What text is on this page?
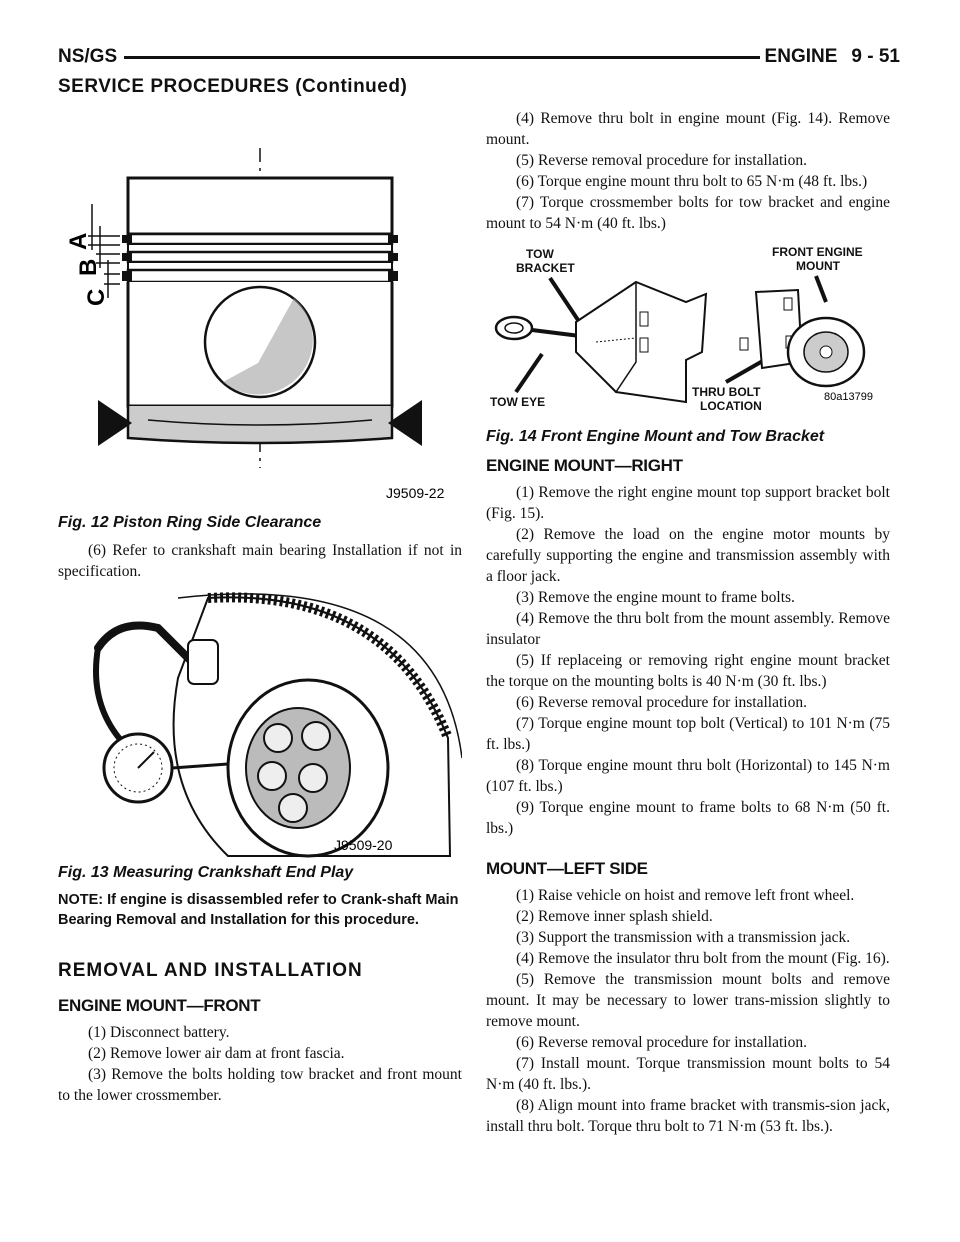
NS/GS	ENGINE 9 - 51
SERVICE PROCEDURES (Continued)
A
B
C
J9509-22
Fig. 12 Piston Ring Side Clearance

(6) Refer to crankshaft main bearing Installation if not in specification.

J9509-20
Fig. 13 Measuring Crankshaft End Play

NOTE: If engine is disassembled refer to Crank-shaft Main Bearing Removal and Installation for this procedure.

REMOVAL AND INSTALLATION
ENGINE MOUNT—FRONT

(1) Disconnect battery.

(2) Remove lower air dam at front fascia.

(3) Remove the bolts holding tow bracket and front mount to the lower crossmember.

(4) Remove thru bolt in engine mount (Fig. 14). Remove mount.

(5) Reverse removal procedure for installation.

(6) Torque engine mount thru bolt to 65 N·m (48 ft. lbs.)

(7) Torque crossmember bolts for tow bracket and engine mount to 54 N·m (40 ft. lbs.)

TOW
BRACKET
FRONT ENGINE
MOUNT
TOW EYE
THRU BOLT
LOCATION
80a13799
Fig. 14 Front Engine Mount and Tow Bracket
ENGINE MOUNT—RIGHT

(1) Remove the right engine mount top support bracket bolt (Fig. 15).

(2) Remove the load on the engine motor mounts by carefully supporting the engine and transmission assembly with a floor jack.

(3) Remove the engine mount to frame bolts.

(4) Remove the thru bolt from the mount assembly. Remove insulator

(5) If replaceing or removing right engine mount bracket the torque on the mounting bolts is 40 N·m (30 ft. lbs.)

(6) Reverse removal procedure for installation.

(7) Torque engine mount top bolt (Vertical) to 101 N·m (75 ft. lbs.)

(8) Torque engine mount thru bolt (Horizontal) to 145 N·m (107 ft. lbs.)

(9) Torque engine mount to frame bolts to 68 N·m (50 ft. lbs.)

MOUNT—LEFT SIDE

(1) Raise vehicle on hoist and remove left front wheel.

(2) Remove inner splash shield.

(3) Support the transmission with a transmission jack.

(4) Remove the insulator thru bolt from the mount (Fig. 16).

(5) Remove the transmission mount bolts and remove mount. It may be necessary to lower trans-mission slightly to remove mount.

(6) Reverse removal procedure for installation.

(7) Install mount. Torque transmission mount bolts to 54 N·m (40 ft. lbs.).

(8) Align mount into frame bracket with transmis-sion jack, install thru bolt. Torque thru bolt to 71 N·m (53 ft. lbs.).
